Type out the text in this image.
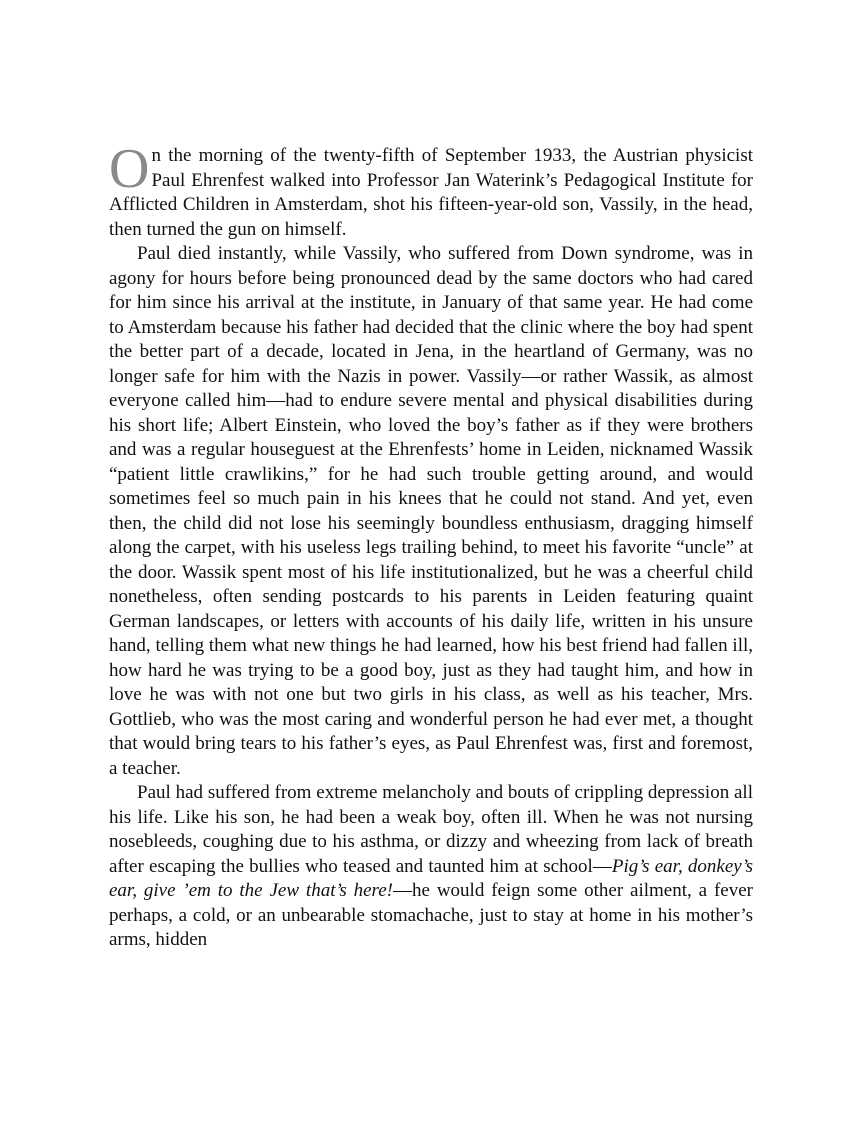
On the morning of the twenty-fifth of September 1933, the Austrian physicist Paul Ehrenfest walked into Professor Jan Waterink’s Pedagogical Institute for Afflicted Children in Amsterdam, shot his fifteen-year-old son, Vassily, in the head, then turned the gun on himself.

Paul died instantly, while Vassily, who suffered from Down syndrome, was in agony for hours before being pronounced dead by the same doctors who had cared for him since his arrival at the institute, in January of that same year. He had come to Amsterdam because his father had decided that the clinic where the boy had spent the better part of a decade, located in Jena, in the heartland of Germany, was no longer safe for him with the Nazis in power. Vassily—or rather Wassik, as almost everyone called him—had to endure severe mental and physical disabilities during his short life; Albert Einstein, who loved the boy’s father as if they were brothers and was a regular houseguest at the Ehrenfests’ home in Leiden, nicknamed Wassik “patient little crawlikins,” for he had such trouble getting around, and would sometimes feel so much pain in his knees that he could not stand. And yet, even then, the child did not lose his seemingly boundless enthusiasm, dragging himself along the carpet, with his useless legs trailing behind, to meet his favorite “uncle” at the door. Wassik spent most of his life institutionalized, but he was a cheerful child nonetheless, often sending postcards to his parents in Leiden featuring quaint German landscapes, or letters with accounts of his daily life, written in his unsure hand, telling them what new things he had learned, how his best friend had fallen ill, how hard he was trying to be a good boy, just as they had taught him, and how in love he was with not one but two girls in his class, as well as his teacher, Mrs. Gottlieb, who was the most caring and wonderful person he had ever met, a thought that would bring tears to his father’s eyes, as Paul Ehrenfest was, first and foremost, a teacher.

Paul had suffered from extreme melancholy and bouts of crippling depression all his life. Like his son, he had been a weak boy, often ill. When he was not nursing nosebleeds, coughing due to his asthma, or dizzy and wheezing from lack of breath after escaping the bullies who teased and taunted him at school—Pig’s ear, donkey’s ear, give ’em to the Jew that’s here!—he would feign some other ailment, a fever perhaps, a cold, or an unbearable stomachache, just to stay at home in his mother’s arms, hidden
